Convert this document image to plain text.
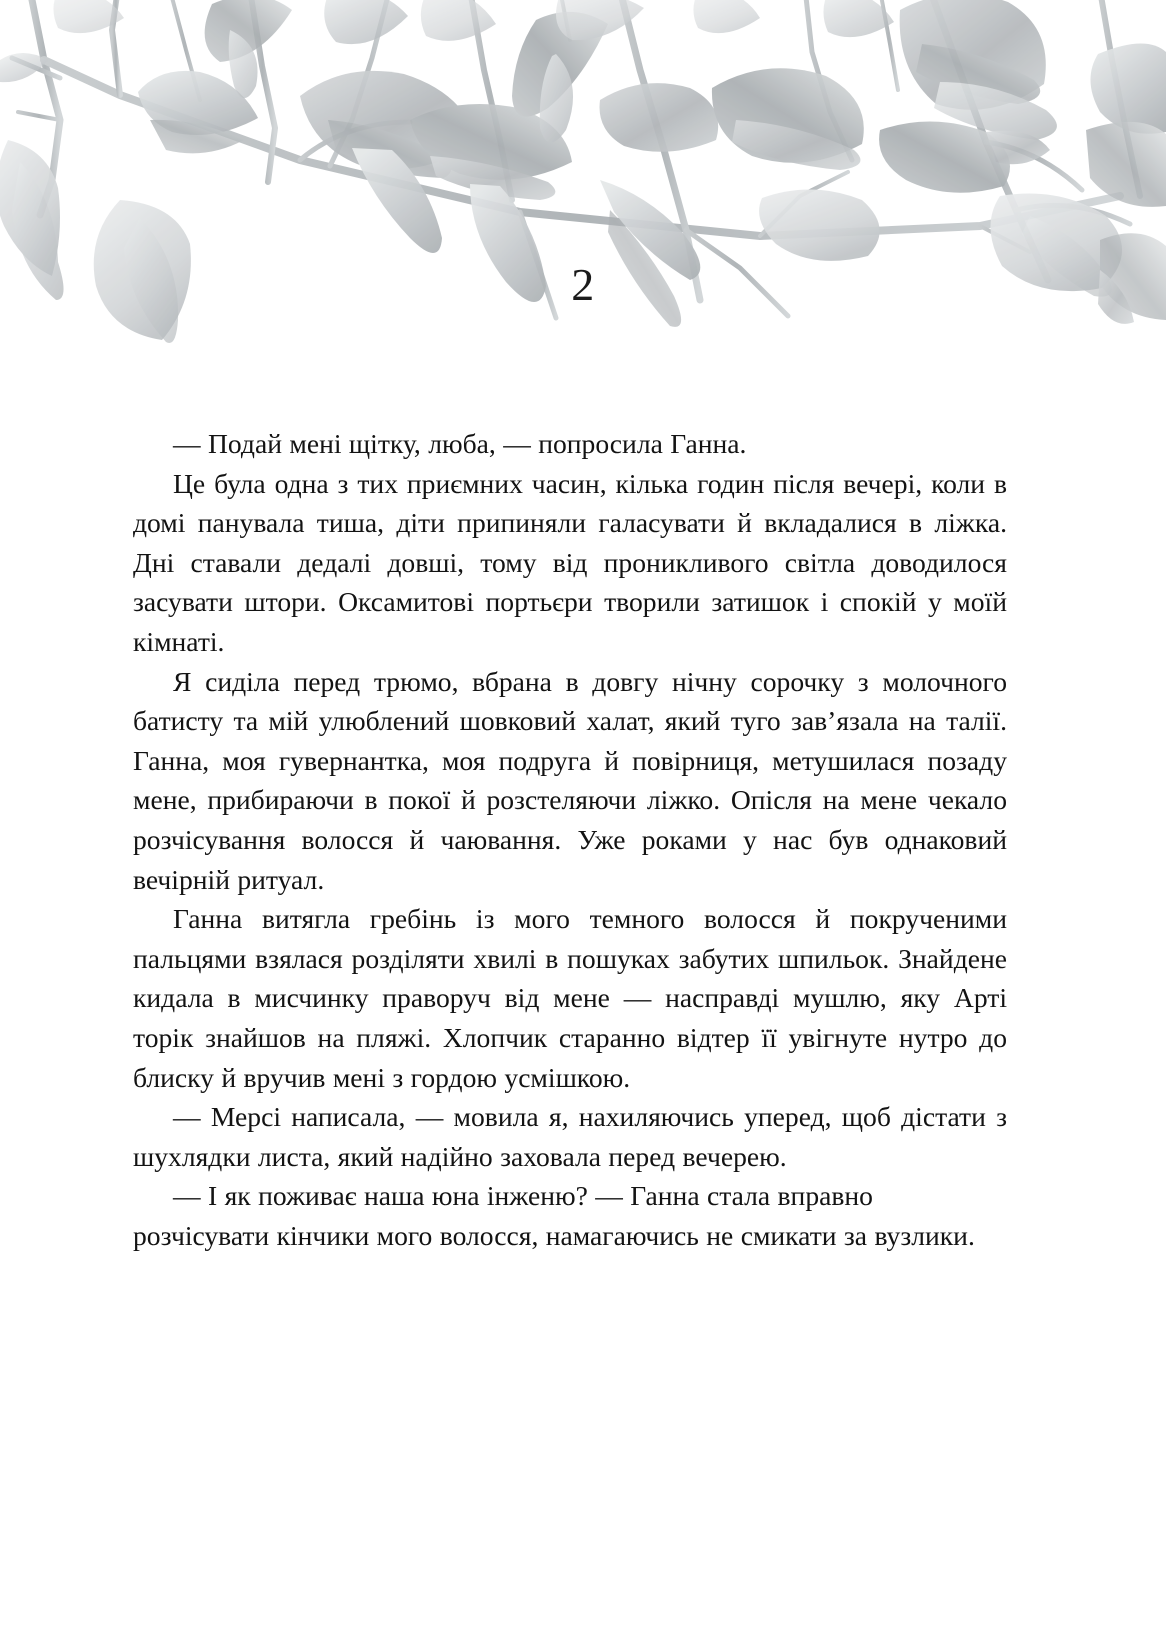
2

— Подай мені щітку, люба, — попросила Ганна.

Це була одна з тих приємних часин, кілька годин після вечері, коли в домі панувала тиша, діти припиняли галасувати й вкладалися в ліжка. Дні ставали дедалі довші, тому від проникливого світла доводилося засувати штори. Оксамитові портьєри творили затишок і спокій у моїй кімнаті.

Я сиділа перед трюмо, вбрана в довгу нічну сорочку з молочного батисту та мій улюблений шовковий халат, який туго зав’язала на талії. Ганна, моя гувернантка, моя подруга й повірниця, метушилася позаду мене, прибираючи в покої й розстеляючи ліжко. Опісля на мене чекало розчісування волосся й чаювання. Уже роками у нас був однаковий вечірній ритуал.

Ганна витягла гребінь із мого темного волосся й покрученими пальцями взялася розділяти хвилі в пошуках забутих шпильок. Знайдене кидала в мисчинку праворуч від мене — насправді мушлю, яку Арті торік знайшов на пляжі. Хлопчик старанно відтер її увігнуте нутро до блиску й вручив мені з гордою усмішкою.

— Мерсі написала, — мовила я, нахиляючись уперед, щоб дістати з шухлядки листа, який надійно заховала перед вечерею.

— І як поживає наша юна інженю? — Ганна стала вправно розчісувати кінчики мого волосся, намагаючись не смикати за вузлики.
